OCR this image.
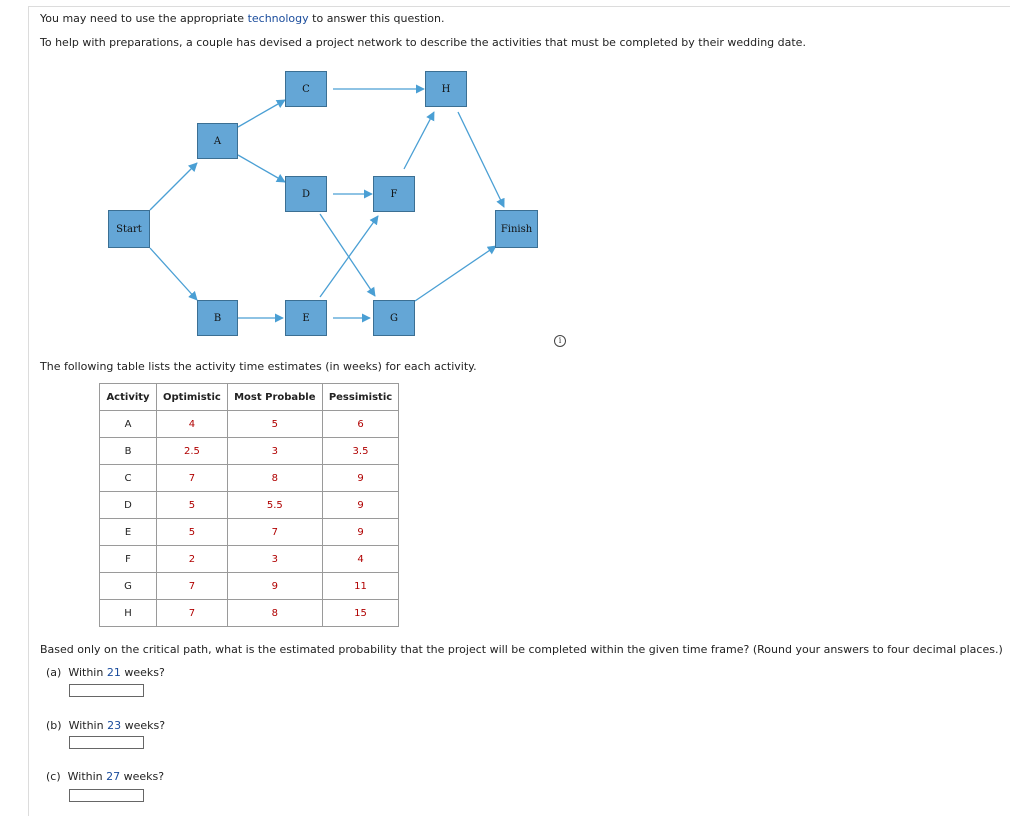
You may need to use the appropriate technology to answer this question.
To help with preparations, a couple has devised a project network to describe the activities that must be completed by their wedding date.
Start
A
B
C
D
E
F
G
H
Finish
i
The following table lists the activity time estimates (in weeks) for each activity.
Activity	Optimistic	Most Probable	Pessimistic
A	4	5	6
B	2.5	3	3.5
C	7	8	9
D	5	5.5	9
E	5	7	9
F	2	3	4
G	7	9	11
H	7	8	15
Based only on the critical path, what is the estimated probability that the project will be completed within the given time frame? (Round your answers to four decimal places.)
(a) Within 21 weeks?
(b) Within 23 weeks?
(c) Within 27 weeks?
